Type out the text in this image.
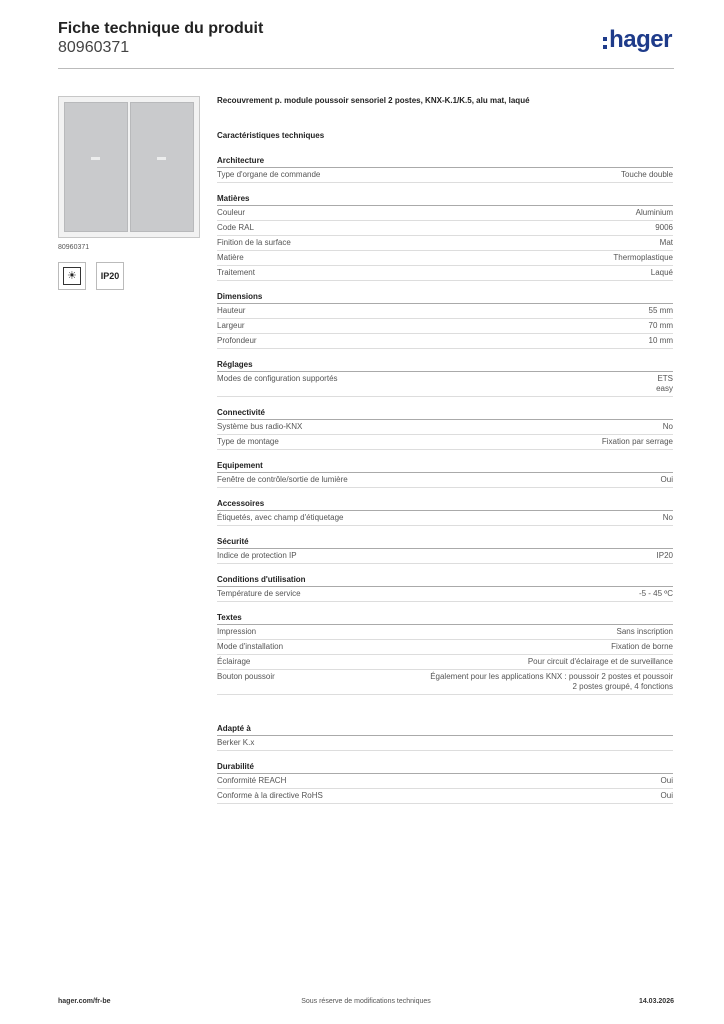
Fiche technique du produit
80960371	hager
80960371
☀	IP20

Recouvrement p. module poussoir sensoriel 2 postes, KNX-K.1/K.5, alu mat, laqué

Caractéristiques techniques

Architecture
Type d'organe de commande	Touche double
Matières
Couleur	Aluminium
Code RAL	9006
Finition de la surface	Mat
Matière	Thermoplastique
Traitement	Laqué
Dimensions
Hauteur	55 mm
Largeur	70 mm
Profondeur	10 mm
Réglages
Modes de configuration supportés	ETS
easy
Connectivité
Système bus radio-KNX	No
Type de montage	Fixation par serrage
Equipement
Fenêtre de contrôle/sortie de lumière	Oui
Accessoires
Étiquetés, avec champ d'étiquetage	No
Sécurité
Indice de protection IP	IP20
Conditions d'utilisation
Température de service	-5 - 45 ºC
Textes
Impression	Sans inscription
Mode d'installation	Fixation de borne
Éclairage	Pour circuit d'éclairage et de surveillance
Bouton poussoir	Également pour les applications KNX : poussoir 2 postes et poussoir
2 postes groupé, 4 fonctions
Adapté à
Berker K.x
Durabilité
Conformité REACH	Oui
Conforme à la directive RoHS	Oui
Sous réserve de modifications techniques
hager.com/fr-be	14.03.2026
